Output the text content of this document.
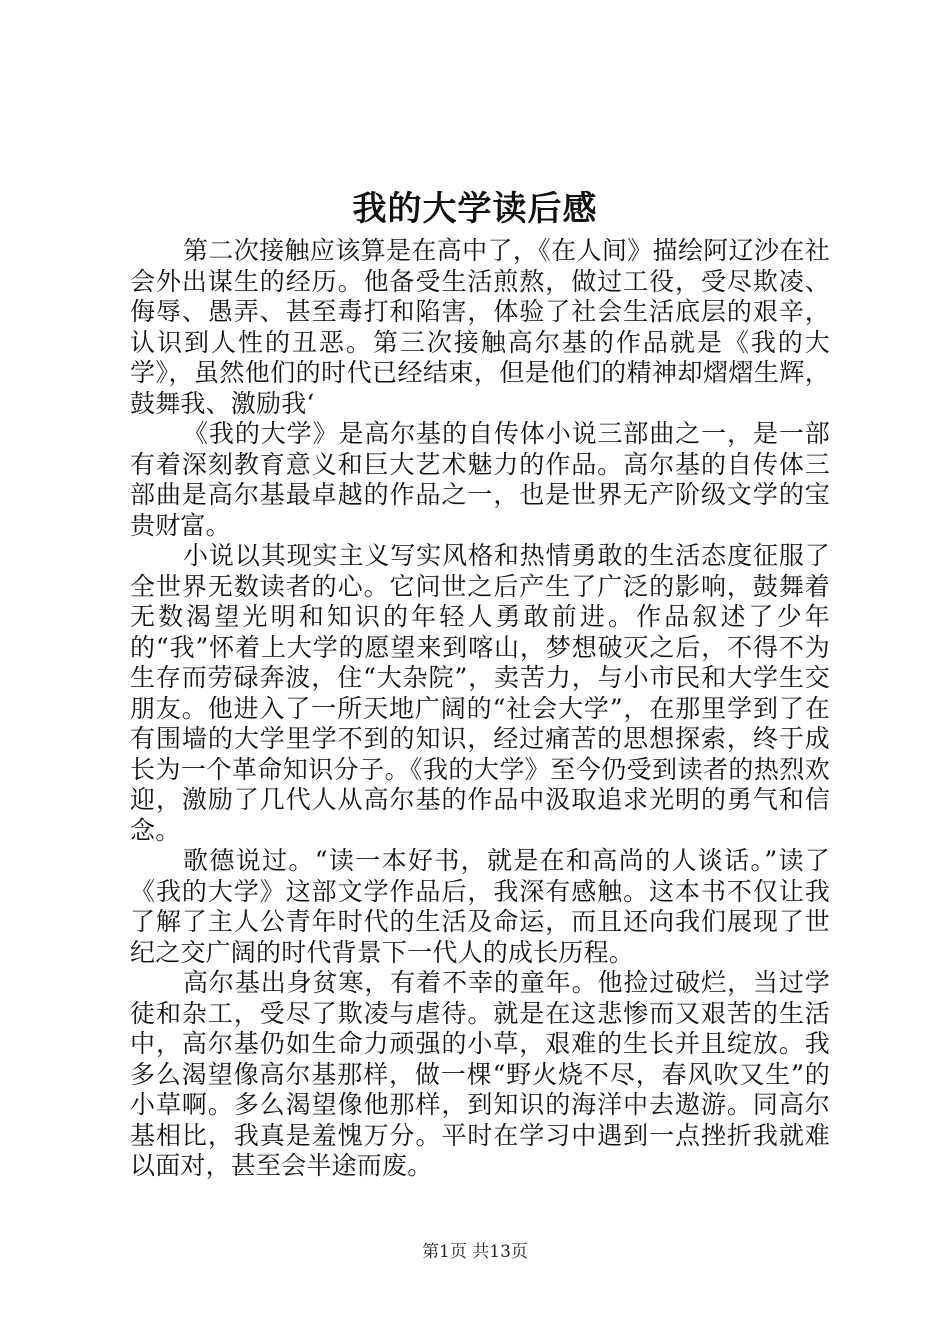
我的大学读后感

第二次接触应该算是在高中了，《在人间》描绘阿辽沙在社会外出谋生的经历。他备受生活煎熬，做过工役，受尽欺凌、侮辱、愚弄、甚至毒打和陷害，体验了社会生活底层的艰辛，认识到人性的丑恶。第三次接触高尔基的作品就是《我的大学》，虽然他们的时代已经结束，但是他们的精神却熠熠生辉，鼓舞我、激励我‘

《我的大学》是高尔基的自传体小说三部曲之一，是一部有着深刻教育意义和巨大艺术魅力的作品。高尔基的自传体三部曲是高尔基最卓越的作品之一，也是世界无产阶级文学的宝贵财富。

小说以其现实主义写实风格和热情勇敢的生活态度征服了全世界无数读者的心。它问世之后产生了广泛的影响，鼓舞着无数渴望光明和知识的年轻人勇敢前进。作品叙述了少年的“我”怀着上大学的愿望来到喀山，梦想破灭之后，不得不为生存而劳碌奔波，住“大杂院”，卖苦力，与小市民和大学生交朋友。他进入了一所天地广阔的“社会大学”，在那里学到了在有围墙的大学里学不到的知识，经过痛苦的思想探索，终于成长为一个革命知识分子。《我的大学》至今仍受到读者的热烈欢迎，激励了几代人从高尔基的作品中汲取追求光明的勇气和信念。

歌德说过。“读一本好书，就是在和高尚的人谈话。”读了《我的大学》这部文学作品后，我深有感触。这本书不仅让我了解了主人公青年时代的生活及命运，而且还向我们展现了世纪之交广阔的时代背景下一代人的成长历程。

高尔基出身贫寒，有着不幸的童年。他捡过破烂，当过学徒和杂工，受尽了欺凌与虐待。就是在这悲惨而又艰苦的生活中，高尔基仍如生命力顽强的小草，艰难的生长并且绽放。我多么渴望像高尔基那样，做一棵“野火烧不尽，春风吹又生”的小草啊。多么渴望像他那样，到知识的海洋中去遨游。同高尔基相比，我真是羞愧万分。平时在学习中遇到一点挫折我就难以面对，甚至会半途而废。

第1页 共13页
